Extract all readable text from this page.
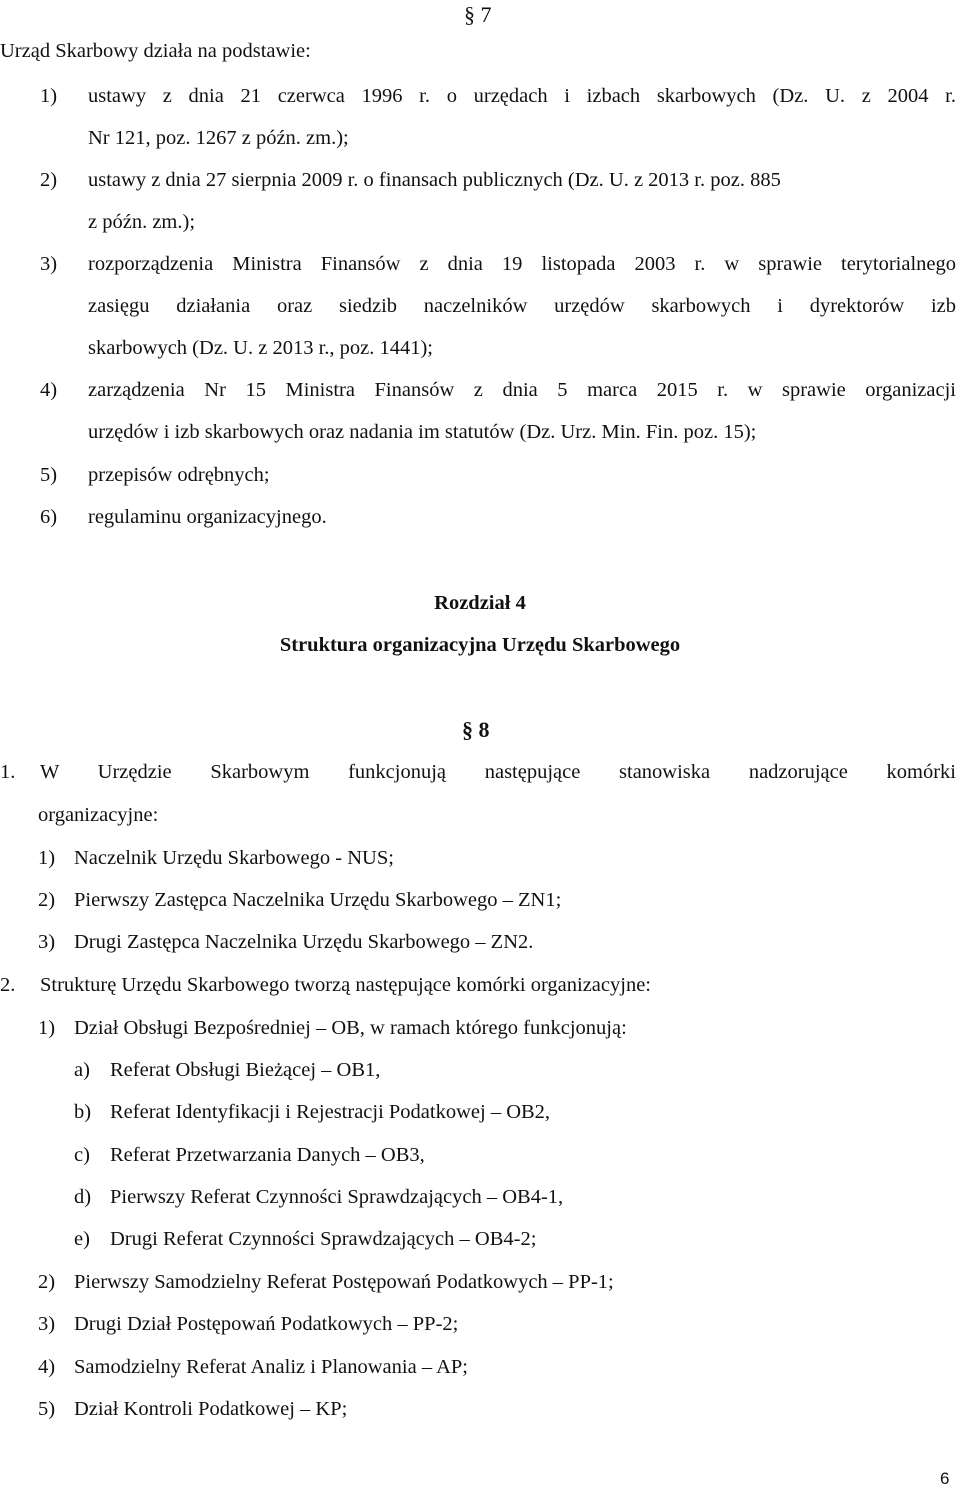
§ 7
Urząd Skarbowy działa na podstawie:
1) ustawy z dnia 21 czerwca 1996 r. o urzędach i izbach skarbowych (Dz. U. z 2004 r.
Nr 121, poz. 1267 z późn. zm.);
2) ustawy z dnia 27 sierpnia 2009 r. o finansach publicznych (Dz. U. z 2013 r. poz. 885
z późn. zm.);
3) rozporządzenia Ministra Finansów z dnia 19 listopada 2003 r. w sprawie terytorialnego
zasięgu działania oraz siedzib naczelników urzędów skarbowych i dyrektorów izb
skarbowych (Dz. U. z 2013 r., poz. 1441);
4) zarządzenia Nr 15 Ministra Finansów z dnia 5 marca 2015 r. w sprawie organizacji
urzędów i izb skarbowych oraz nadania im statutów (Dz. Urz. Min. Fin. poz. 15);
5) przepisów odrębnych;
6) regulaminu organizacyjnego.
Rozdział 4
Struktura organizacyjna Urzędu Skarbowego
§ 8
1. W Urzędzie Skarbowym funkcjonują następujące stanowiska nadzorujące komórki
organizacyjne:
1) Naczelnik Urzędu Skarbowego - NUS;
2) Pierwszy Zastępca Naczelnika Urzędu Skarbowego – ZN1;
3) Drugi Zastępca Naczelnika Urzędu Skarbowego – ZN2.
2. Strukturę Urzędu Skarbowego tworzą następujące komórki organizacyjne:
1) Dział Obsługi Bezpośredniej – OB, w ramach którego funkcjonują:
a) Referat Obsługi Bieżącej – OB1,
b) Referat Identyfikacji i Rejestracji Podatkowej – OB2,
c) Referat Przetwarzania Danych – OB3,
d) Pierwszy Referat Czynności Sprawdzających – OB4-1,
e) Drugi Referat Czynności Sprawdzających – OB4-2;
2) Pierwszy Samodzielny Referat Postępowań Podatkowych – PP-1;
3) Drugi Dział Postępowań Podatkowych – PP-2;
4) Samodzielny Referat Analiz i Planowania – AP;
5) Dział Kontroli Podatkowej – KP;
6
